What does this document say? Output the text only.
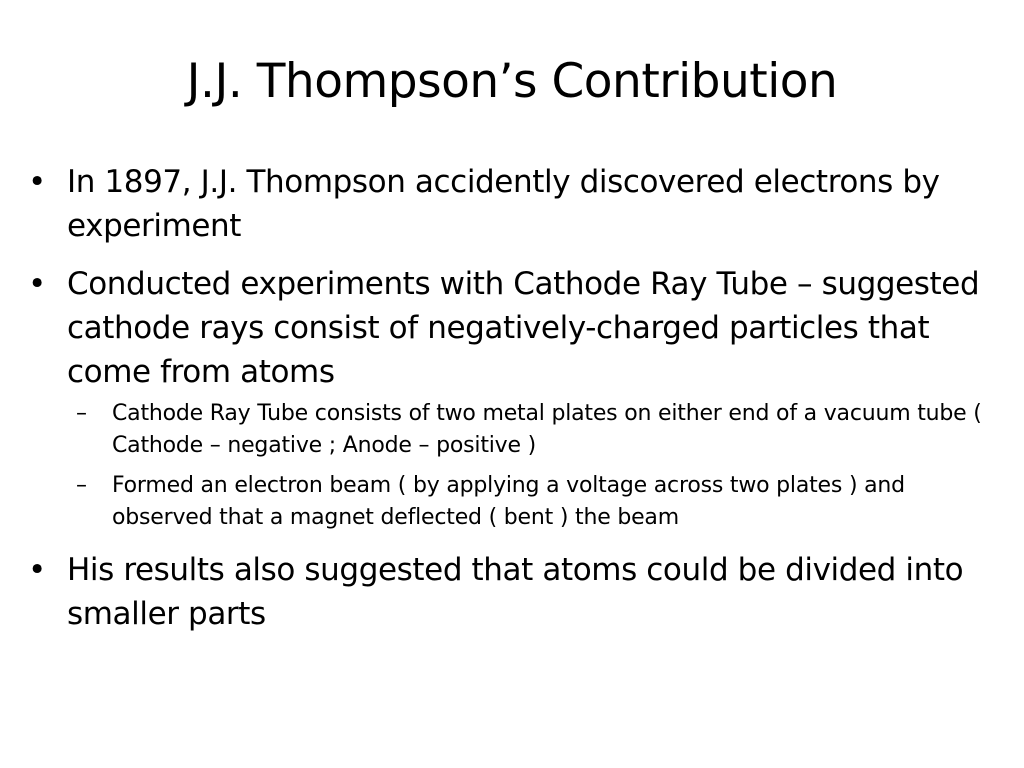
J.J. Thompson’s Contribution
• In 1897, J.J. Thompson accidently discovered electrons by experiment
• Conducted experiments with Cathode Ray Tube – suggested cathode rays consist of negatively-charged particles that come from atoms
– Cathode Ray Tube consists of two metal plates on either end of a vacuum tube ( Cathode – negative ; Anode – positive )
– Formed an electron beam ( by applying a voltage across two plates ) and observed that a magnet deflected ( bent ) the beam
• His results also suggested that atoms could be divided into smaller parts
